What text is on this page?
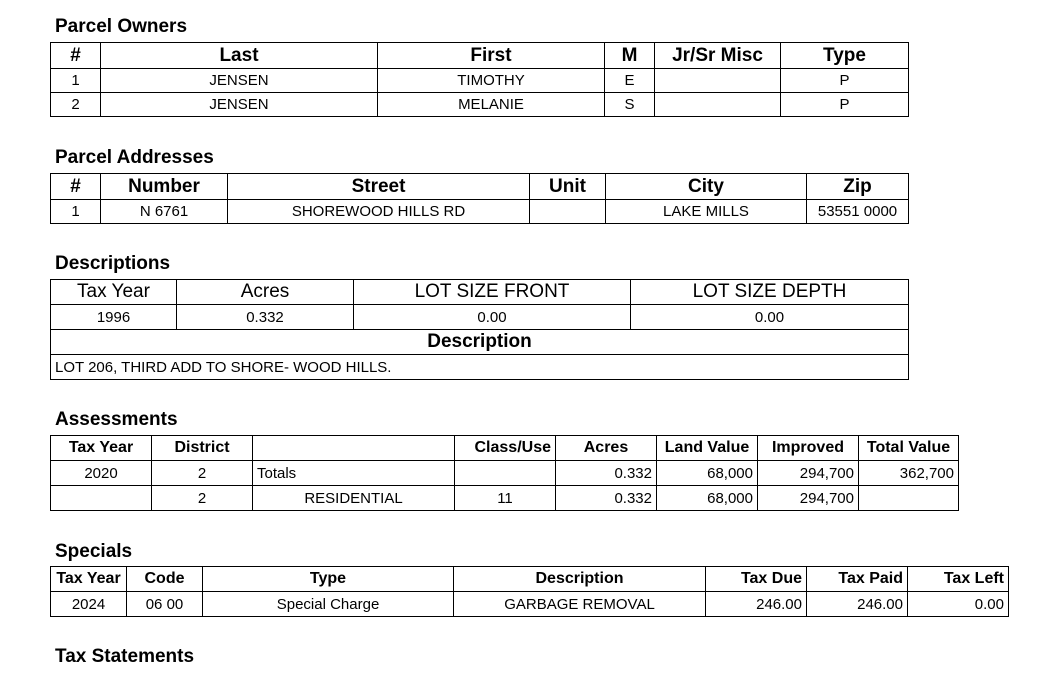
Parcel Owners
#	Last	First	M	Jr/Sr Misc	Type
1	JENSEN	TIMOTHY	E		P
2	JENSEN	MELANIE	S		P
Parcel Addresses
#	Number	Street	Unit	City	Zip
1	N 6761	SHOREWOOD HILLS RD		LAKE MILLS	53551 0000
Descriptions
Tax Year	Acres	LOT SIZE FRONT	LOT SIZE DEPTH
1996	0.332	0.00	0.00
Description			
LOT 206, THIRD ADD TO SHORE- WOOD HILLS.			
Assessments
Tax Year	District		Class/Use	Acres	Land Value	Improved	Total Value
2020	2	Totals		0.332	68,000	294,700	362,700
	2	RESIDENTIAL	11	0.332	68,000	294,700	
Specials
Tax Year	Code	Type	Description	Tax Due	Tax Paid	Tax Left
2024	06 00	Special Charge	GARBAGE REMOVAL	246.00	246.00	0.00
Tax Statements
